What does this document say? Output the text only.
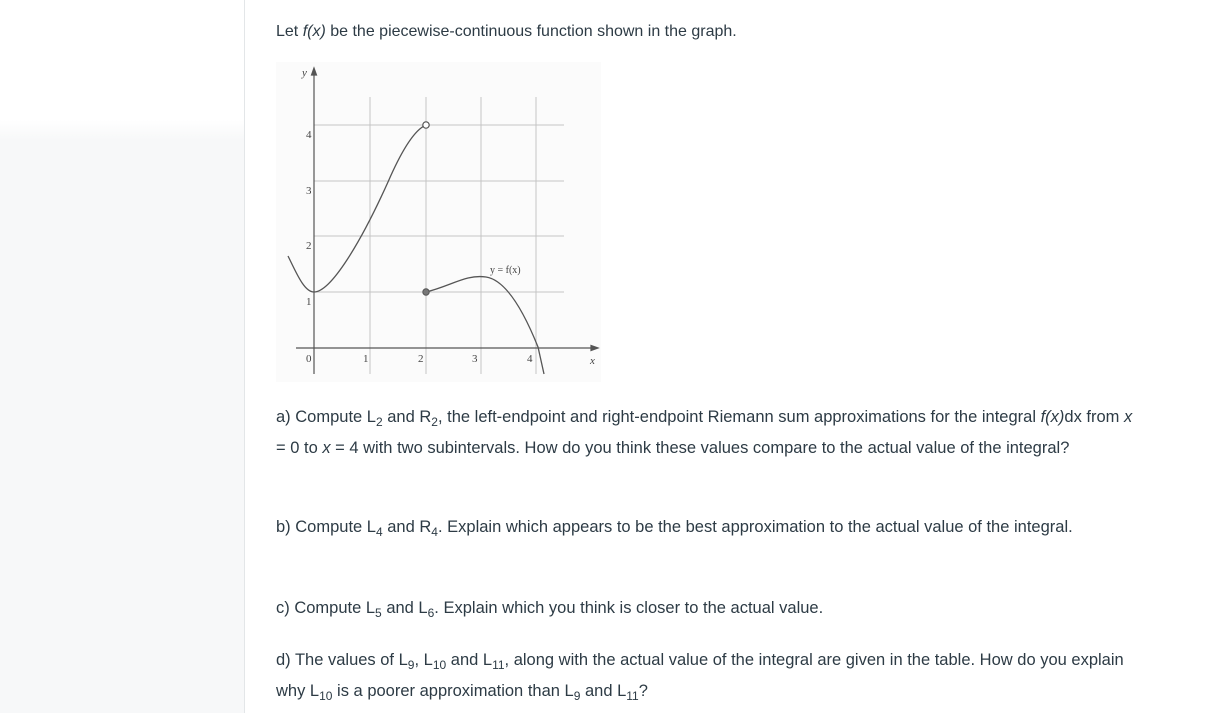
Let f(x) be the piecewise-continuous function shown in the graph.
y
x
y = f(x)
0	1	2	3	4
1
2
3
4
a) Compute $L_2$ and $R_2$, the left-endpoint and right-endpoint Riemann sum approximations for the integral f(x)dx from x = 0 to x = 4 with two subintervals. How do you think these values compare to the actual value of the integral?
b) Compute $L_4$ and $R_4$. Explain which appears to be the best approximation to the actual value of the integral.
c) Compute $L_5$ and $L_6$. Explain which you think is closer to the actual value.
d) The values of $L_9$, $L_{10}$ and $L_{11}$, along with the actual value of the integral are given in the table. How do you explain why $L_{10}$ is a poorer approximation than $L_9$ and $L_{11}$?
